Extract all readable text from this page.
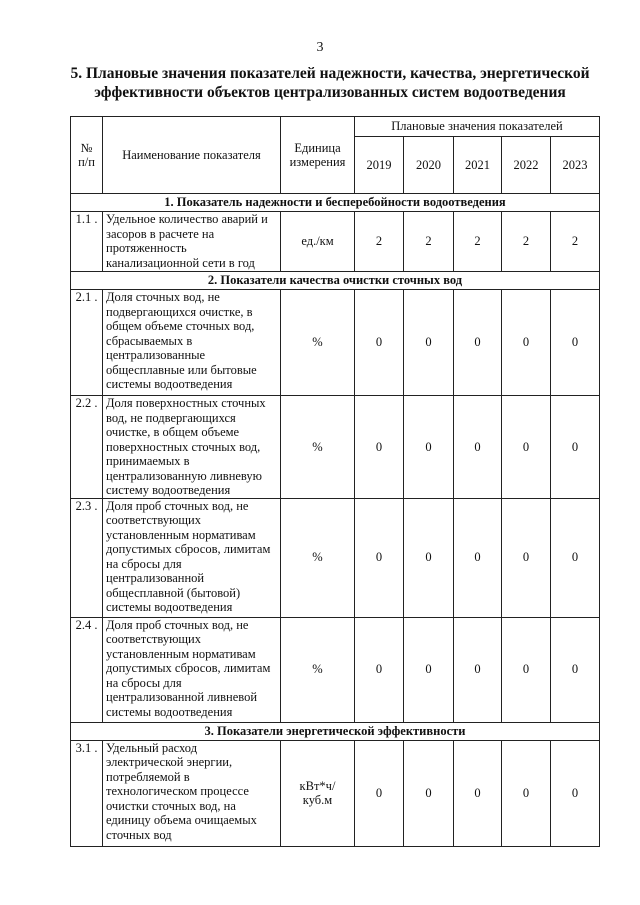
3
5. Плановые значения показателей надежности, качества, энергетической
эффективности объектов централизованных систем водоотведения
№ п/п	Наименование показателя	Единица измерения	Плановые значения показателей				
			2019	2020	2021	2022	2023
1. Показатель надежности и бесперебойности водоотведения							
1.1 .	Удельное количество аварий и засоров в расчете на протяженность канализационной сети в год	ед./км	2	2	2	2	2
2. Показатели качества очистки сточных вод							
2.1 .	Доля сточных вод, не подвергающихся очистке, в общем объеме сточных вод, сбрасываемых в централизованные общесплавные или бытовые системы водоотведения	%	0	0	0	0	0
2.2 .	Доля поверхностных сточных вод, не подвергающихся очистке, в общем объеме поверхностных сточных вод, принимаемых в централизованную ливневую систему водоотведения	%	0	0	0	0	0
2.3 .	Доля проб сточных вод, не соответствующих установленным нормативам допустимых сбросов, лимитам на сбросы для централизованной общесплавной (бытовой) системы водоотведения	%	0	0	0	0	0
2.4 .	Доля проб сточных вод, не соответствующих установленным нормативам допустимых сбросов, лимитам на сбросы для централизованной ливневой системы водоотведения	%	0	0	0	0	0
3. Показатели энергетической эффективности							
3.1 .	Удельный расход электрической энергии, потребляемой в технологическом процессе очистки сточных вод, на единицу объема очищаемых сточных вод	кВт*ч/ куб.м	0	0	0	0	0
